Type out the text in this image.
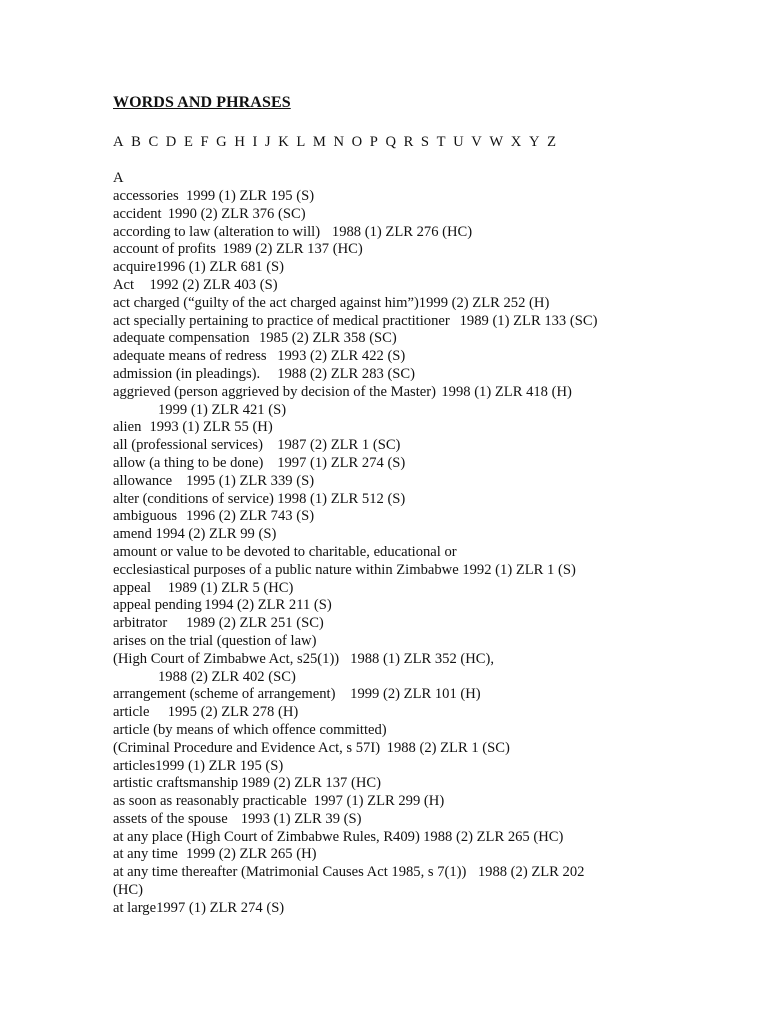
WORDS AND PHRASES
A B C D E F G H I J K L M N O P Q R S T U V W X Y Z
A
accessories	1999 (1) ZLR 195 (S)
accident	1990 (2) ZLR 376 (SC)
according to law (alteration to will)	1988 (1) ZLR 276 (HC)
account of profits	1989 (2) ZLR 137 (HC)
acquire1996 (1) ZLR 681 (S)
Act	1992 (2) ZLR 403 (S)
act charged (“guilty of the act charged against him”)1999 (2) ZLR 252 (H)
act specially pertaining to practice of medical practitioner	1989 (1) ZLR 133 (SC)
adequate compensation	1985 (2) ZLR 358 (SC)
adequate means of redress	1993 (2) ZLR 422 (S)
admission (in pleadings).	1988 (2) ZLR 283 (SC)
aggrieved (person aggrieved by decision of the Master)	1998 (1) ZLR 418 (H)
1999 (1) ZLR 421 (S)
alien	1993 (1) ZLR 55 (H)
all (professional services)	1987 (2) ZLR 1 (SC)
allow (a thing to be done)	1997 (1) ZLR 274 (S)
allowance	1995 (1) ZLR 339 (S)
alter (conditions of service)	1998 (1) ZLR 512 (S)
ambiguous	1996 (2) ZLR 743 (S)
amend 1994 (2) ZLR 99 (S)
amount or value to be devoted to charitable, educational or
ecclesiastical purposes of a public nature within Zimbabwe 1992 (1) ZLR 1 (S)
appeal	1989 (1) ZLR 5 (HC)
appeal pending	1994 (2) ZLR 211 (S)
arbitrator	1989 (2) ZLR 251 (SC)
arises on the trial (question of law)
(High Court of Zimbabwe Act, s25(1))	1988 (1) ZLR 352 (HC),
1988 (2) ZLR 402 (SC)
arrangement (scheme of arrangement)	1999 (2) ZLR 101 (H)
article	1995 (2) ZLR 278 (H)
article (by means of which offence committed)
(Criminal Procedure and Evidence Act, s 57I)	1988 (2) ZLR 1 (SC)
articles1999 (1) ZLR 195 (S)
artistic craftsmanship	1989 (2) ZLR 137 (HC)
as soon as reasonably practicable	1997 (1) ZLR 299 (H)
assets of the spouse	1993 (1) ZLR 39 (S)
at any place (High Court of Zimbabwe Rules, R409)	1988 (2) ZLR 265 (HC)
at any time	1999 (2) ZLR 265 (H)
at any time thereafter (Matrimonial Causes Act 1985, s 7(1))	1988 (2) ZLR 202
(HC)
at large1997 (1) ZLR 274 (S)
